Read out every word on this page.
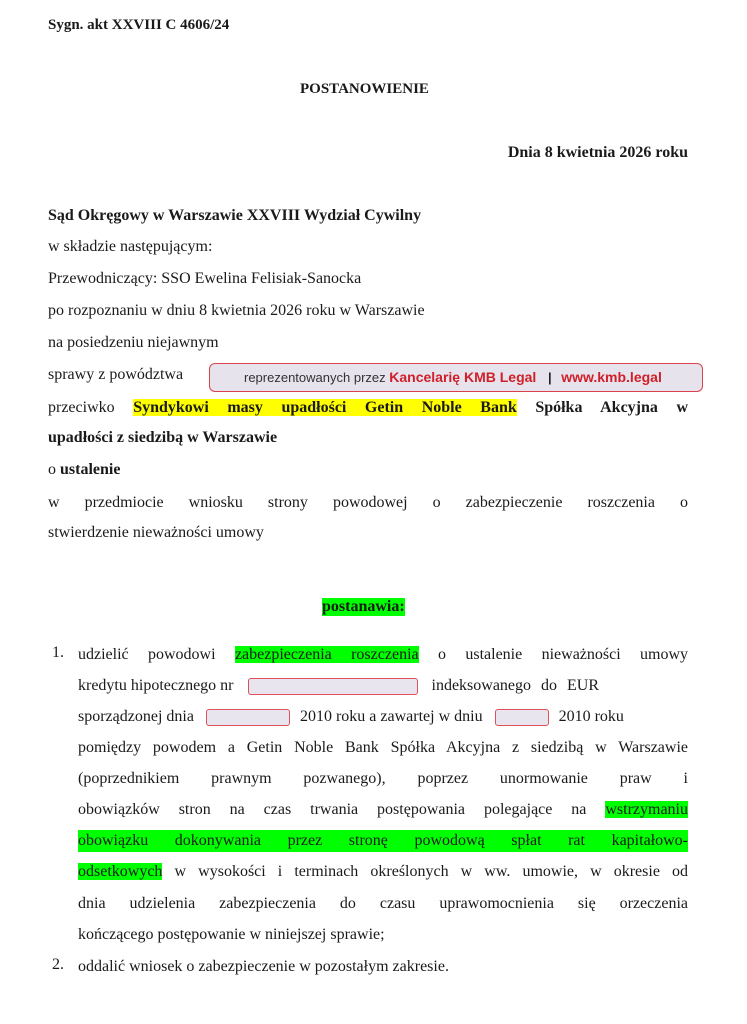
Sygn. akt XXVIII C 4606/24
POSTANOWIENIE
Dnia 8 kwietnia 2026 roku
Sąd Okręgowy w Warszawie XXVIII Wydział Cywilny
w składzie następującym:
Przewodniczący: SSO Ewelina Felisiak-Sanocka
po rozpoznaniu w dniu 8 kwietnia 2026 roku w Warszawie
na posiedzeniu niejawnym
sprawy z powództwa	reprezentowanych przez Kancelarię KMB Legal | www.kmb.legal
przeciwko Syndykowi masy upadłości Getin Noble Bank Spółka Akcyjna w
upadłości z siedzibą w Warszawie
o ustalenie
w przedmiocie wniosku strony powodowej o zabezpieczenie roszczenia o
stwierdzenie nieważności umowy
postanawia:
1. udzielić powodowi zabezpieczenia roszczenia o ustalenie nieważności umowy
kredytu hipotecznego nr	indeksowanego do EUR
sporządzonej dnia	2010 roku a zawartej w dniu	2010 roku
pomiędzy powodem a Getin Noble Bank Spółka Akcyjna z siedzibą w Warszawie
(poprzednikiem prawnym pozwanego), poprzez unormowanie praw i
obowiązków stron na czas trwania postępowania polegające na wstrzymaniu
obowiązku dokonywania przez stronę powodową spłat rat kapitałowo-
odsetkowych w wysokości i terminach określonych w ww. umowie, w okresie od
dnia udzielenia zabezpieczenia do czasu uprawomocnienia się orzeczenia
kończącego postępowanie w niniejszej sprawie;
2. oddalić wniosek o zabezpieczenie w pozostałym zakresie.
